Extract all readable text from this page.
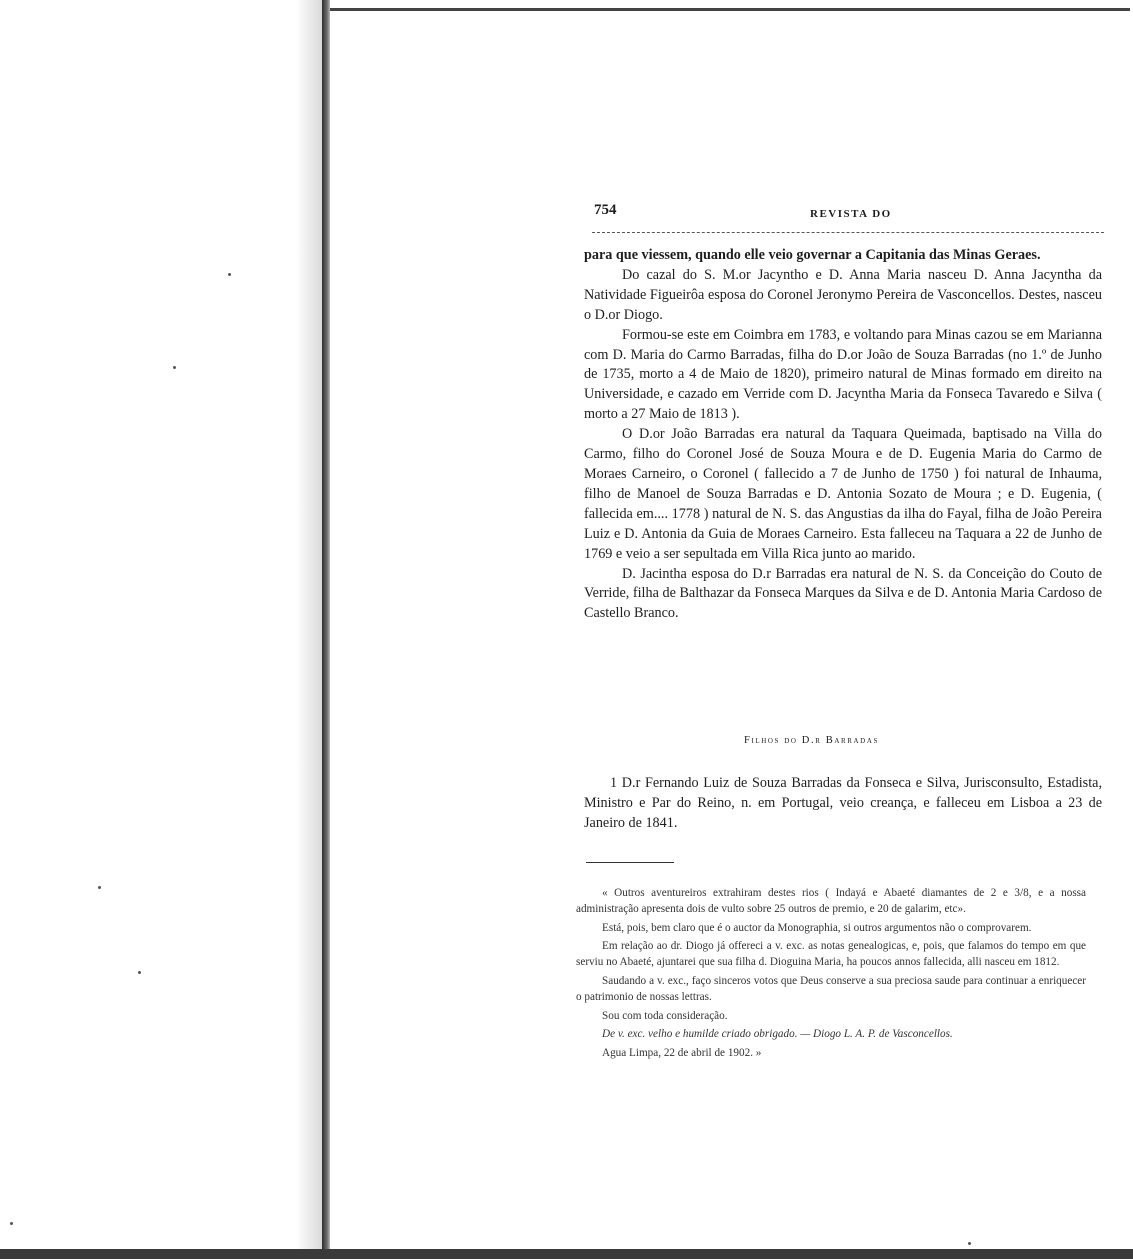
754	REVISTA DO

para que viessem, quando elle veio governar a Capitania das Minas Geraes.

Do cazal do S. M.or Jacyntho e D. Anna Maria nasceu D. Anna Jacyntha da Natividade Figueirôa esposa do Coronel Jeronymo Pereira de Vasconcellos. Destes, nasceu o D.or Diogo.

Formou-se este em Coimbra em 1783, e voltando para Minas cazou se em Marianna com D. Maria do Carmo Barradas, filha do D.or João de Souza Barradas (no 1.º de Junho de 1735, morto a 4 de Maio de 1820), primeiro natural de Minas formado em direito na Universidade, e cazado em Verride com D. Jacyntha Maria da Fonseca Tavaredo e Silva ( morto a 27 Maio de 1813 ).

O D.or João Barradas era natural da Taquara Queimada, baptisado na Villa do Carmo, filho do Coronel José de Souza Moura e de D. Eugenia Maria do Carmo de Moraes Carneiro, o Coronel ( fallecido a 7 de Junho de 1750 ) foi natural de Inhauma, filho de Manoel de Souza Barradas e D. Antonia Sozato de Moura ; e D. Eugenia, ( fallecida em.... 1778 ) natural de N. S. das Angustias da ilha do Fayal, filha de João Pereira Luiz e D. Antonia da Guia de Moraes Carneiro. Esta falleceu na Taquara a 22 de Junho de 1769 e veio a ser sepultada em Villa Rica junto ao marido.

D. Jacintha esposa do D.r Barradas era natural de N. S. da Conceição do Couto de Verride, filha de Balthazar da Fonseca Marques da Silva e de D. Antonia Maria Cardoso de Castello Branco.

Filhos do D.r Barradas

1 D.r Fernando Luiz de Souza Barradas da Fonseca e Silva, Jurisconsulto, Estadista, Ministro e Par do Reino, n. em Portugal, veio creança, e falleceu em Lisboa a 23 de Janeiro de 1841.

« Outros aventureiros extrahiram destes rios ( Indayá e Abaeté diamantes de 2 e 3/8, e a nossa administração apresenta dois de vulto sobre 25 outros de premio, e 20 de galarim, etc».

Está, pois, bem claro que é o auctor da Monographia, si outros argumentos não o comprovarem.

Em relação ao dr. Diogo já offereci a v. exc. as notas genealogicas, e, pois, que falamos do tempo em que serviu no Abaeté, ajuntarei que sua filha d. Dioguina Maria, ha poucos annos fallecida, alli nasceu em 1812.

Saudando a v. exc., faço sinceros votos que Deus conserve a sua preciosa saude para continuar a enriquecer o patrimonio de nossas lettras.

Sou com toda consideração.

De v. exc. velho e humilde criado obrigado. — Diogo L. A. P. de Vasconcellos.

Agua Limpa, 22 de abril de 1902. »
